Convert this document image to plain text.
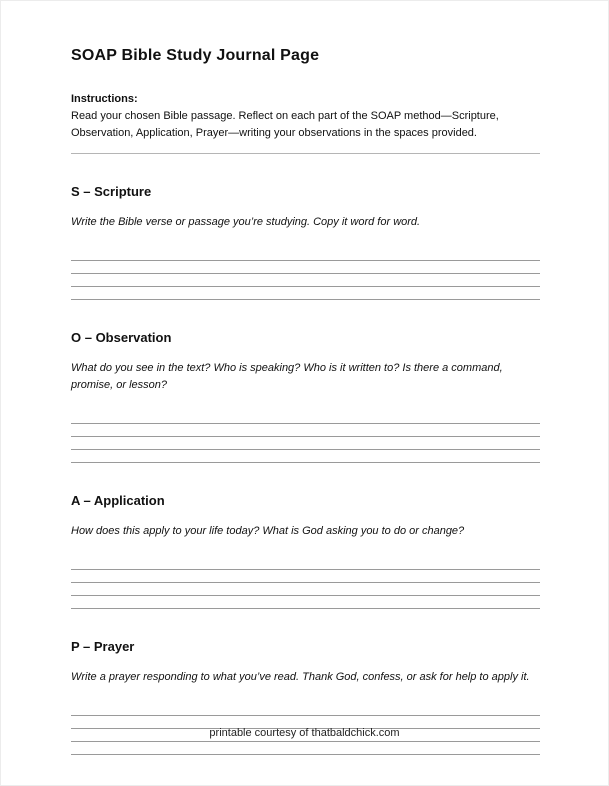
SOAP Bible Study Journal Page

Instructions:

Read your chosen Bible passage. Reflect on each part of the SOAP method—Scripture, Observation, Application, Prayer—writing your observations in the spaces provided.

S – Scripture

Write the Bible verse or passage you’re studying. Copy it word for word.

O – Observation

What do you see in the text? Who is speaking? Who is it written to? Is there a command, promise, or lesson?

A – Application

How does this apply to your life today? What is God asking you to do or change?

P – Prayer

Write a prayer responding to what you’ve read. Thank God, confess, or ask for help to apply it.

printable courtesy of thatbaldchick.com
